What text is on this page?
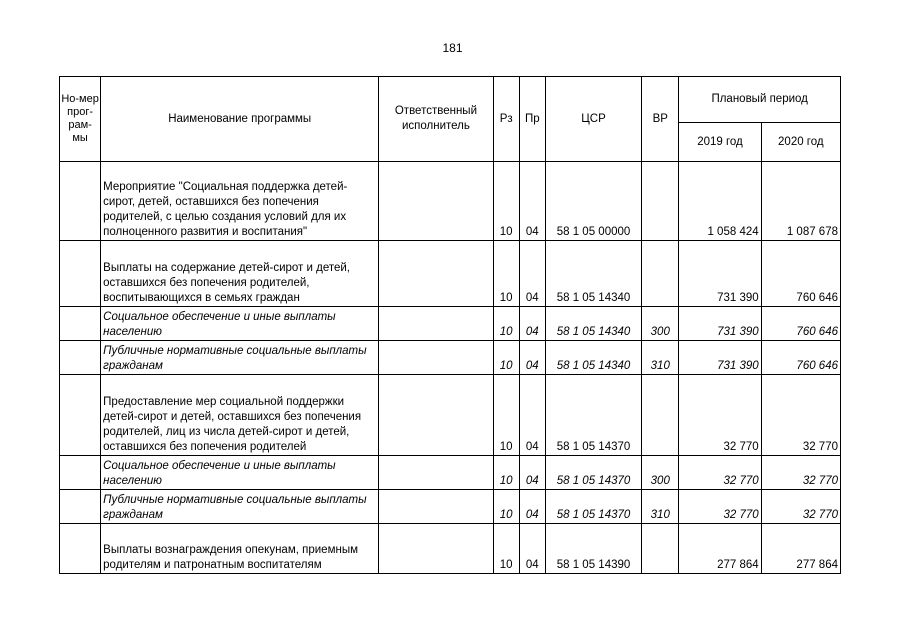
181
Но-мер прог-рам-мы	Наименование программы	Ответственный исполнитель	Рз	Пр	ЦСР	ВР	Плановый период	
							2019 год	2020 год
	Мероприятие "Социальная поддержка детей-сирот, детей, оставшихся без попечения родителей, с целью создания условий для их полноценного развития и воспитания"		10	04	58 1 05 00000		1 058 424	1 087 678
	Выплаты на содержание детей-сирот и детей, оставшихся без попечения родителей, воспитывающихся в семьях граждан		10	04	58 1 05 14340		731 390	760 646
	Социальное обеспечение и иные выплаты населению		10	04	58 1 05 14340	300	731 390	760 646
	Публичные нормативные социальные выплаты гражданам		10	04	58 1 05 14340	310	731 390	760 646
	Предоставление мер социальной поддержки детей-сирот и детей, оставшихся без попечения родителей, лиц из числа детей-сирот и детей, оставшихся без попечения родителей		10	04	58 1 05 14370		32 770	32 770
	Социальное обеспечение и иные выплаты населению		10	04	58 1 05 14370	300	32 770	32 770
	Публичные нормативные социальные выплаты гражданам		10	04	58 1 05 14370	310	32 770	32 770
	Выплаты вознаграждения опекунам, приемным родителям и патронатным воспитателям		10	04	58 1 05 14390		277 864	277 864
